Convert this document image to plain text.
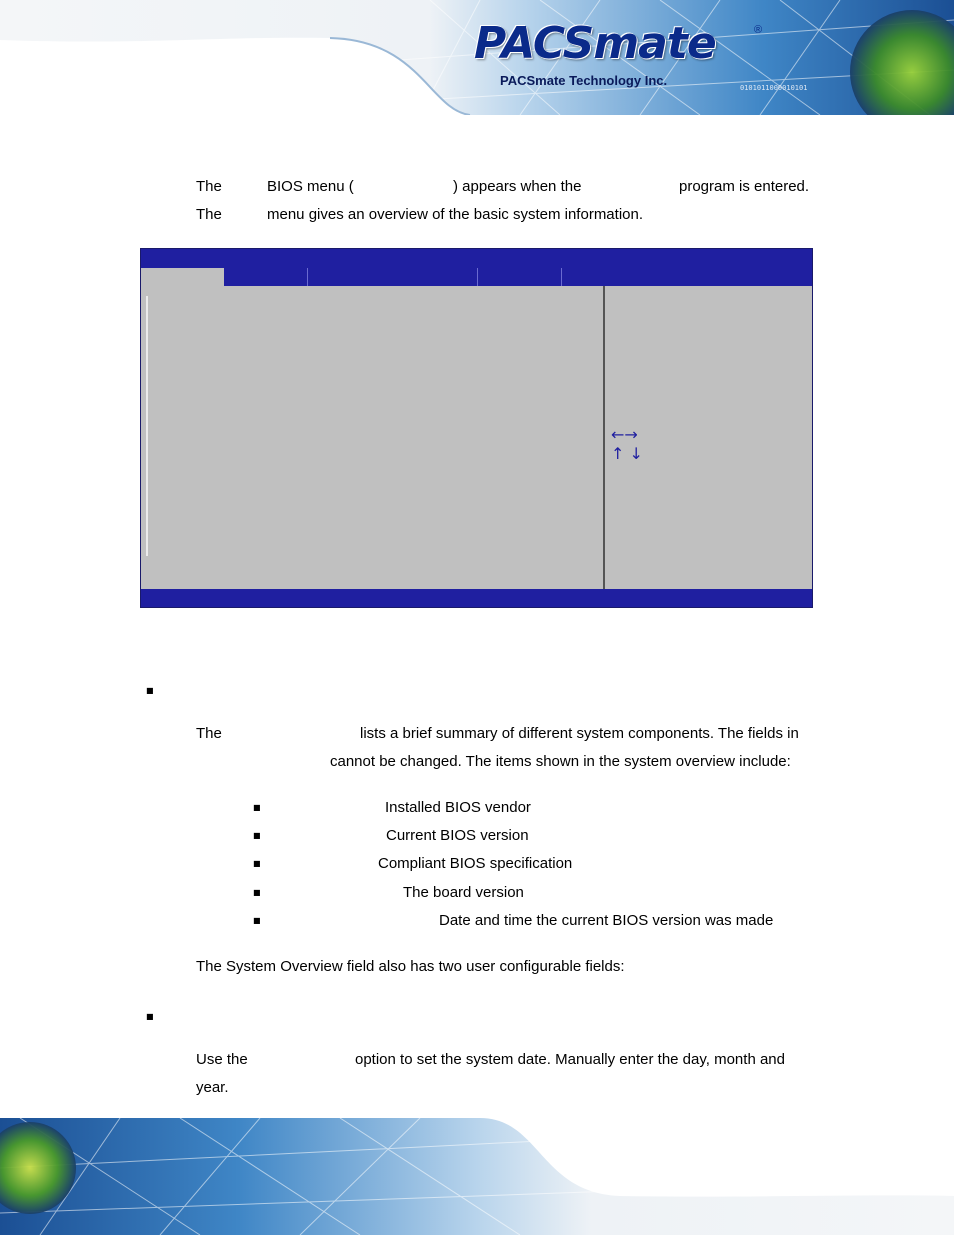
PACSmate	®
PACSmate Technology Inc.	0101011000010101
The	BIOS menu (	) appears when the	program is entered.
The	menu gives an overview of the basic system information.
←→
↑ ↓
■
The	lists a brief summary of different system components. The fields in
cannot be changed. The items shown in the system overview include:
■	Installed BIOS vendor
■	Current BIOS version
■	Compliant BIOS specification
■	The board version
■	Date and time the current BIOS version was made
The System Overview field also has two user configurable fields:
■
Use the	option to set the system date. Manually enter the day, month and
year.
